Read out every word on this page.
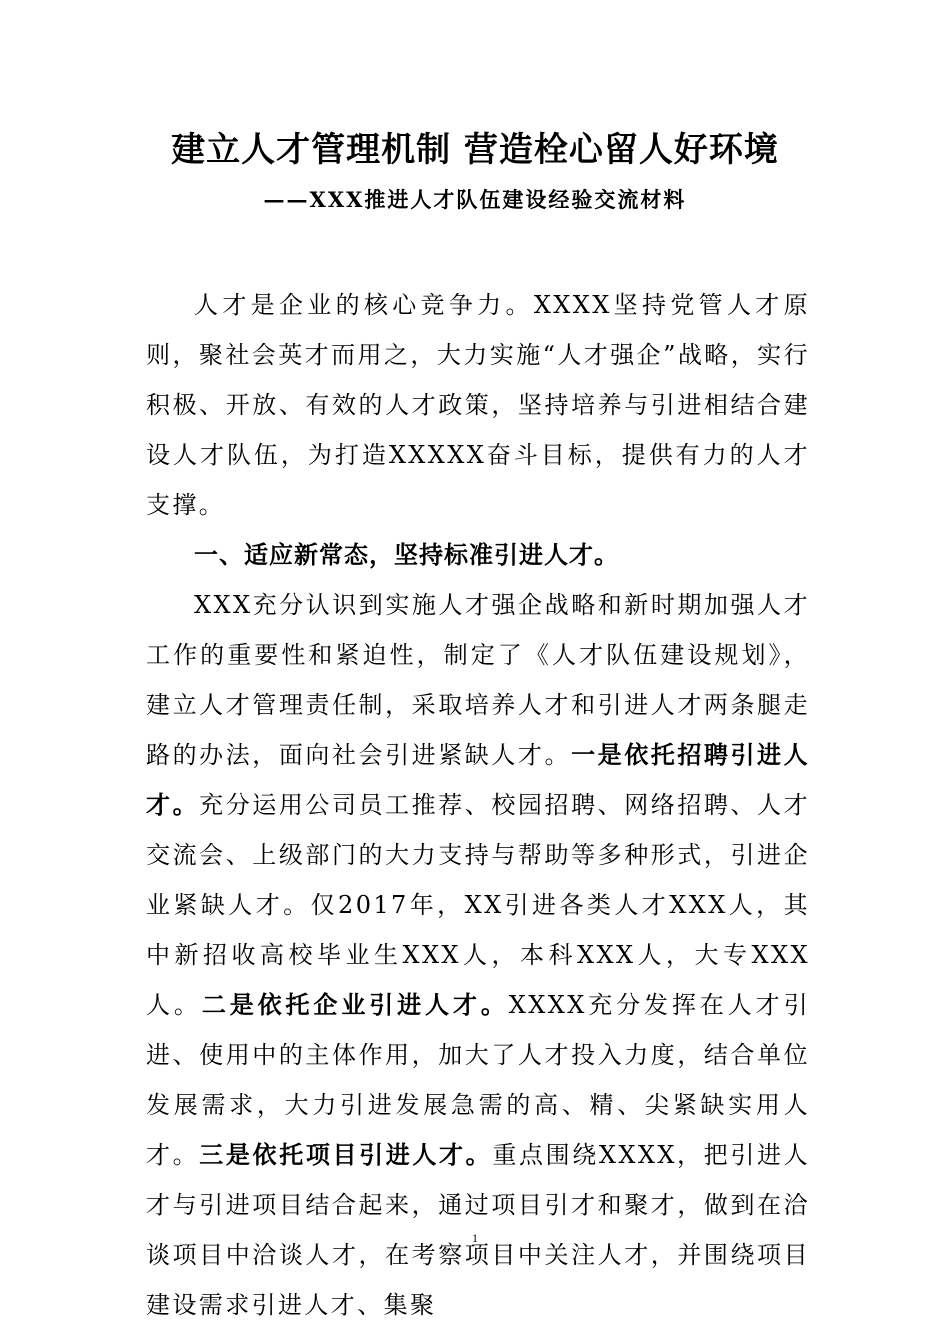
建立人才管理机制 营造栓心留人好环境
——XXX推进人才队伍建设经验交流材料

人才是企业的核心竞争力。XXXX坚持党管人才原则，聚社会英才而用之，大力实施“人才强企”战略，实行积极、开放、有效的人才政策，坚持培养与引进相结合建设人才队伍，为打造XXXXX奋斗目标，提供有力的人才支撑。

一、适应新常态，坚持标准引进人才。

XXX充分认识到实施人才强企战略和新时期加强人才工作的重要性和紧迫性，制定了《人才队伍建设规划》，建立人才管理责任制，采取培养人才和引进人才两条腿走路的办法，面向社会引进紧缺人才。一是依托招聘引进人才。充分运用公司员工推荐、校园招聘、网络招聘、人才交流会、上级部门的大力支持与帮助等多种形式，引进企业紧缺人才。仅2017年，XX引进各类人才XXX人，其中新招收高校毕业生XXX人，本科XXX人，大专XXX人。二是依托企业引进人才。XXXX充分发挥在人才引进、使用中的主体作用，加大了人才投入力度，结合单位发展需求，大力引进发展急需的高、精、尖紧缺实用人才。三是依托项目引进人才。重点围绕XXXX，把引进人才与引进项目结合起来，通过项目引才和聚才，做到在洽谈项目中洽谈人才，在考察项目中关注人才，并围绕项目建设需求引进人才、集聚

1
